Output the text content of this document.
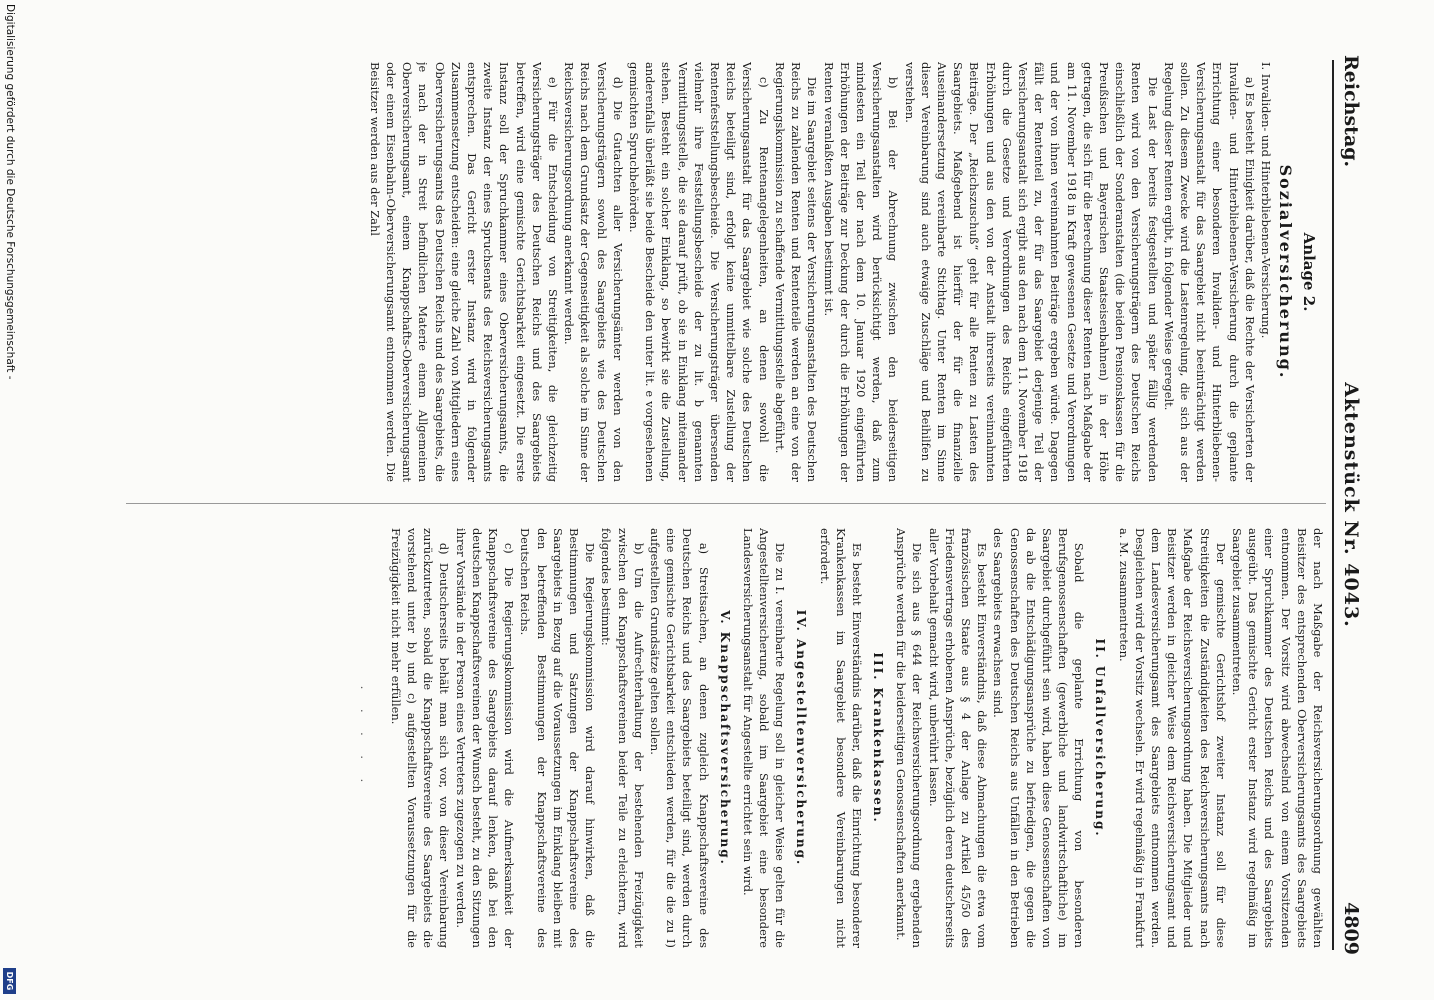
Reichstag.
Aktenstück Nr. 4043.
4809
Anlage 2.
Sozialversicherung.

I. Invaliden- und Hinterbliebenen-Versicherung.

a) Es besteht Einigkeit darüber, daß die Rechte der Versicherten der Invaliden- und Hinterbliebenen-Versicherung durch die geplante Errichtung einer besonderen Invaliden- und Hinterbliebenen-Versicherungsanstalt für das Saargebiet nicht beeinträchtigt werden sollen. Zu diesem Zwecke wird die Lastenregelung, die sich aus der Regelung dieser Renten ergibt, in folgender Weise geregelt.

Die Last der bereits festgestellten und später fällig werdenden Renten wird von den Versicherungsträgern des Deutschen Reichs einschließlich der Sonderanstalten (die beiden Pensionskassen für die Preußischen und Bayerischen Staatseisenbahnen) in der Höhe getragen, die sich für die Berechnung dieser Renten nach Maßgabe der am 11. November 1918 in Kraft gewesenen Gesetze und Verordnungen und der von ihnen vereinnahmten Beiträge ergeben würde. Dagegen fällt der Rententeil zu, der für das Saargebiet derjenige Teil der Versicherungsanstalt sich ergibt aus den nach dem 11. November 1918 durch die Gesetze und Verordnungen des Reichs eingeführten Erhöhungen und aus den von der Anstalt ihrerseits vereinnahmten Beiträge. Der „Reichszuschuß“ geht für alle Renten zu Lasten des Saargebiets. Maßgebend ist hierfür der für die finanzielle Auseinandersetzung vereinbarte Stichtag. Unter Renten im Sinne dieser Vereinbarung sind auch etwaige Zuschläge und Beihilfen zu verstehen.

b) Bei der Abrechnung zwischen den beiderseitigen Versicherungsanstalten wird berücksichtigt werden, daß zum mindesten ein Teil der nach dem 10. Januar 1920 eingeführten Erhöhungen der Beiträge zur Deckung der durch die Erhöhungen der Renten veranlaßten Ausgaben bestimmt ist.

Die im Saargebiet seitens der Versicherungsanstalten des Deutschen Reichs zu zahlenden Renten und Rententeile werden an eine von der Regierungskommission zu schaffende Vermittlungsstelle abgeführt.

c) Zu Rentenangelegenheiten, an denen sowohl die Versicherungsanstalt für das Saargebiet wie solche des Deutschen Reichs beteiligt sind, erfolgt keine unmittelbare Zustellung der Rentenfeststellungsbescheide. Die Versicherungsträger übersenden vielmehr ihre Feststellungsbescheide der zu lit. b genannten Vermittlungsstelle, die sie darauf prüft, ob sie in Einklang miteinander stehen. Besteht ein solcher Einklang, so bewirkt sie die Zustellung, anderenfalls überläßt sie beide Bescheide den unter lit. e vorgesehenen gemischten Spruchbehörden.

d) Die Gutachten aller Versicherungsämter werden von den Versicherungsträgern sowohl des Saargebiets wie des Deutschen Reichs nach dem Grundsatz der Gegenseitigkeit als solche im Sinne der Reichsversicherungsordnung anerkannt werden.

e) Für die Entscheidung von Streitigkeiten, die gleichzeitig Versicherungsträger des Deutschen Reichs und des Saargebiets betreffen, wird eine gemischte Gerichtsbarkeit eingesetzt. Die erste Instanz soll der Spruchkammer eines Oberversicherungsamts, die zweite Instanz der eines Spruchsenats des Reichsversicherungsamts entsprechen. Das Gericht erster Instanz wird in folgender Zusammensetzung entscheiden: eine gleiche Zahl von Mitgliedern eines Oberversicherungsamts des Deutschen Reichs und des Saargebiets, die je nach der in Streit befindlichen Materie einem Allgemeinen Oberversicherungsamt, einem Knappschafts-Oberversicherungsamt oder einem Eisenbahn-Oberversicherungsamt entnommen werden. Die Beisitzer werden aus der Zahl

der nach Maßgabe der Reichsversicherungsordnung gewählten Beisitzer des entsprechenden Oberversicherungsamts des Saargebiets entnommen. Der Vorsitz wird abwechselnd von einem Vorsitzenden einer Spruchkammer des Deutschen Reichs und des Saargebiets ausgeübt. Das gemischte Gericht erster Instanz wird regelmäßig im Saargebiet zusammentreten.

Der gemischte Gerichtshof zweiter Instanz soll für diese Streitigkeiten die Zuständigkeiten des Reichsversicherungsamts nach Maßgabe der Reichsversicherungsordnung haben. Die Mitglieder und Beisitzer werden in gleicher Weise dem Reichsversicherungsamt und dem Landesversicherungsamt des Saargebiets entnommen werden. Desgleichen wird der Vorsitz wechseln. Er wird regelmäßig in Frankfurt a. M. zusammentreten.

II. Unfallversicherung.

Sobald die geplante Errichtung von besonderen Berufsgenossenschaften (gewerbliche und landwirtschaftliche) im Saargebiet durchgeführt sein wird, haben diese Genossenschaften von da ab die Entschädigungsansprüche zu befriedigen, die gegen die Genossenschaften des Deutschen Reichs aus Unfällen in den Betrieben des Saargebiets erwachsen sind.

Es besteht Einverständnis, daß diese Abmachungen die etwa vom französischen Staate aus § 4 der Anlage zu Artikel 45/50 des Friedensvertrags erhobenen Ansprüche, bezüglich deren deutscherseits aller Vorbehalt gemacht wird, unberührt lassen.

Die sich aus § 644 der Reichsversicherungsordnung ergebenden Ansprüche werden für die beiderseitigen Genossenschaften anerkannt.

III. Krankenkassen.

Es besteht Einverständnis darüber, daß die Einrichtung besonderer Krankenkassen im Saargebiet besondere Vereinbarungen nicht erfordert.

IV. Angestelltenversicherung.

Die zu I. vereinbarte Regelung soll in gleicher Weise gelten für die Angestelltenversicherung, sobald im Saargebiet eine besondere Landesversicherungsanstalt für Angestellte errichtet sein wird.

V. Knappschaftsversicherung.

a) Streitsachen, an denen zugleich Knappschaftsvereine des Deutschen Reichs und des Saargebiets beteiligt sind, werden durch eine gemischte Gerichtsbarkeit entschieden werden, für die die zu I) aufgestellten Grundsätze gelten sollen.

b) Um die Aufrechterhaltung der bestehenden Freizügigkeit zwischen den Knappschaftsvereinen beider Teile zu erleichtern, wird folgendes bestimmt:

Die Regierungskommission wird darauf hinwirken, daß die Bestimmungen und Satzungen der Knappschaftsvereine des Saargebiets in Bezug auf die Voraussetzungen im Einklang bleiben mit den betreffenden Bestimmungen der Knappschaftsvereine des Deutschen Reichs.

c) Die Regierungskommission wird die Aufmerksamkeit der Knappschaftsvereine des Saargebiets darauf lenken, daß bei den deutschen Knappschaftsvereinen der Wunsch besteht, zu den Sitzungen ihrer Vorstände in der Person eines Vertreters zugezogen zu werden.

d) Deutscherseits behält man sich vor, von dieser Vereinbarung zurückzutreten, sobald die Knappschaftsvereine des Saargebiets die vorstehend unter b) und c) aufgestellten Voraussetzungen für die Freizügigkeit nicht mehr erfüllen.

· · · · ·
Digitalisierung gefördert durch die Deutsche Forschungsgemeinschaft -
DFG
